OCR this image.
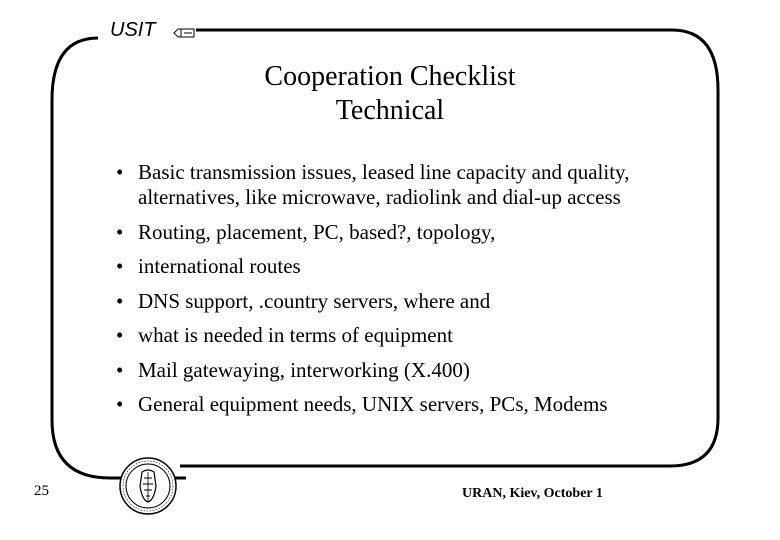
USIT
Cooperation Checklist
Technical
• Basic transmission issues, leased line capacity and quality, alternatives, like microwave, radiolink and dial-up access
• Routing, placement, PC, based?, topology,
• international routes
• DNS support, .country servers, where and
• what is needed in terms of equipment
• Mail gatewaying, interworking (X.400)
• General equipment needs, UNIX servers, PCs, Modems
25	URAN, Kiev, October 1
